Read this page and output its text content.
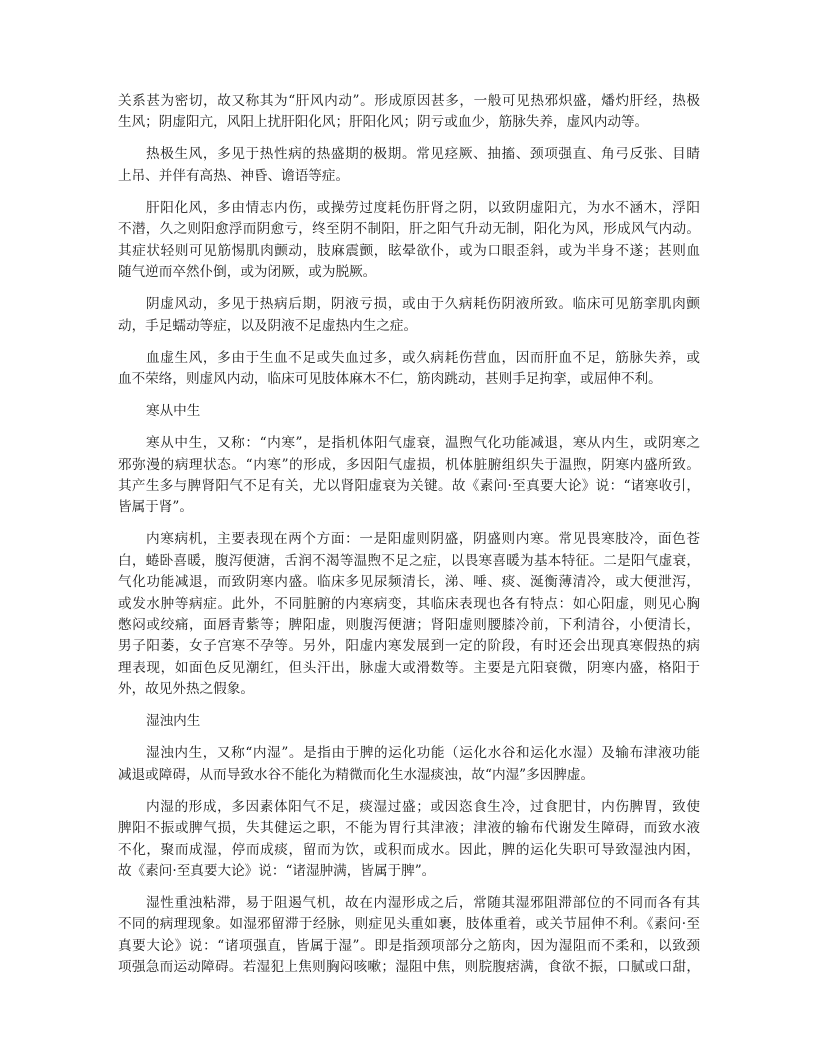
关系甚为密切，故又称其为“肝风内动”。形成原因甚多，一般可见热邪炽盛，燔灼肝经，热极
生风；阴虚阳亢，风阳上扰肝阳化风；肝阳化风；阴亏或血少，筋脉失养，虚风内动等。
热极生风，多见于热性病的热盛期的极期。常见痉厥、抽搐、颈项强直、角弓反张、目睛
上吊、并伴有高热、神昏、谵语等症。
肝阳化风，多由情志内伤，或操劳过度耗伤肝肾之阴，以致阴虚阳亢，为水不涵木，浮阳
不潜，久之则阳愈浮而阴愈亏，终至阴不制阳，肝之阳气升动无制，阳化为风，形成风气内动。
其症状轻则可见筋惕肌肉颤动，肢麻震颤，眩晕欲仆，或为口眼歪斜，或为半身不遂；甚则血
随气逆而卒然仆倒，或为闭厥，或为脱厥。
阴虚风动，多见于热病后期，阴液亏损，或由于久病耗伤阴液所致。临床可见筋挛肌肉颤
动，手足蠕动等症，以及阴液不足虚热内生之症。
血虚生风，多由于生血不足或失血过多，或久病耗伤营血，因而肝血不足，筋脉失养，或
血不荣络，则虚风内动，临床可见肢体麻木不仁，筋肉跳动，甚则手足拘挛，或屈伸不利。
寒从中生
寒从中生，又称：“内寒”，是指机体阳气虚衰，温煦气化功能减退，寒从内生，或阴寒之
邪弥漫的病理状态。“内寒”的形成，多因阳气虚损，机体脏腑组织失于温煦，阴寒内盛所致。
其产生多与脾肾阳气不足有关，尤以肾阳虚衰为关键。故《素问·至真要大论》说：“诸寒收引，
皆属于肾”。
内寒病机，主要表现在两个方面：一是阳虚则阴盛，阴盛则内寒。常见畏寒肢冷，面色苍
白，蜷卧喜暖，腹泻便溏，舌润不渴等温煦不足之症，以畏寒喜暖为基本特征。二是阳气虚衰，
气化功能减退，而致阴寒内盛。临床多见尿频清长，涕、唾、痰、涎衡薄清冷，或大便泄泻，
或发水肿等病症。此外，不同脏腑的内寒病变，其临床表现也各有特点：如心阳虚，则见心胸
憋闷或绞痛，面唇青紫等；脾阳虚，则腹泻便溏；肾阳虚则腰膝冷前，下利清谷，小便清长，
男子阳萎，女子宫寒不孕等。另外，阳虚内寒发展到一定的阶段，有时还会出现真寒假热的病
理表现，如面色反见潮红，但头汗出，脉虚大或滑数等。主要是亢阳衰微，阴寒内盛，格阳于
外，故见外热之假象。
湿浊内生
湿浊内生，又称“内湿”。是指由于脾的运化功能（运化水谷和运化水湿）及输布津液功能
减退或障碍，从而导致水谷不能化为精微而化生水湿痰浊，故“内湿”多因脾虚。
内湿的形成，多因素体阳气不足，痰湿过盛；或因恣食生冷，过食肥甘，内伤脾胃，致使
脾阳不振或脾气损，失其健运之职，不能为胃行其津液；津液的输布代谢发生障碍，而致水液
不化，聚而成湿，停而成痰，留而为饮，或积而成水。因此，脾的运化失职可导致湿浊内困，
故《素问·至真要大论》说：“诸湿肿满，皆属于脾”。
湿性重浊粘滞，易于阻遏气机，故在内湿形成之后，常随其湿邪阻滞部位的不同而各有其
不同的病理现象。如湿邪留滞于经脉，则症见头重如裹，肢体重着，或关节屈伸不利。《素问·至
真要大论》说：“诸项强直，皆属于湿”。即是指颈项部分之筋肉，因为湿阻而不柔和，以致颈
项强急而运动障碍。若湿犯上焦则胸闷咳嗽；湿阻中焦，则脘腹痞满，食欲不振，口腻或口甜，
